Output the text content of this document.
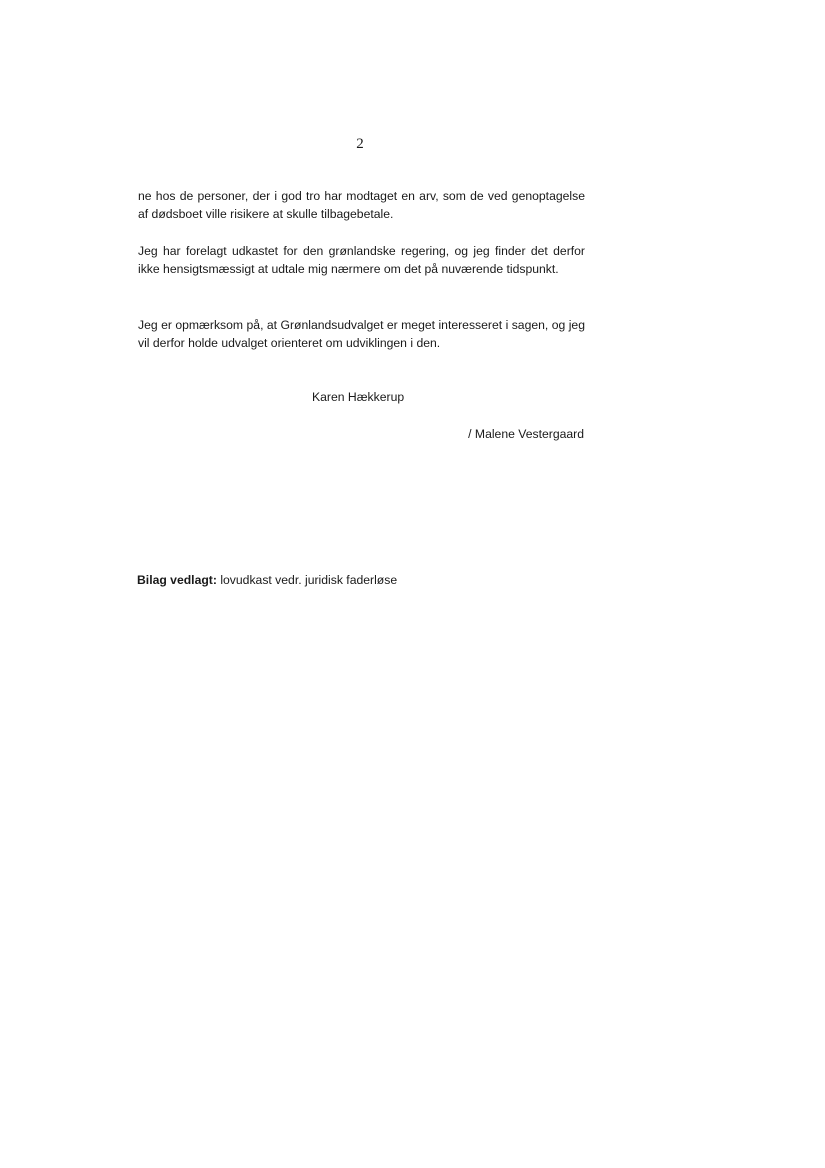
2

ne hos de personer, der i god tro har modtaget en arv, som de ved genoptagelse af dødsboet ville risikere at skulle tilbagebetale.

Jeg har forelagt udkastet for den grønlandske regering, og jeg finder det derfor ikke hensigtsmæssigt at udtale mig nærmere om det på nuværende tidspunkt.

Jeg er opmærksom på, at Grønlandsudvalget er meget interesseret i sagen, og jeg vil derfor holde udvalget orienteret om udviklingen i den.

Karen Hækkerup
/ Malene Vestergaard
Bilag vedlagt: lovudkast vedr. juridisk faderløse
